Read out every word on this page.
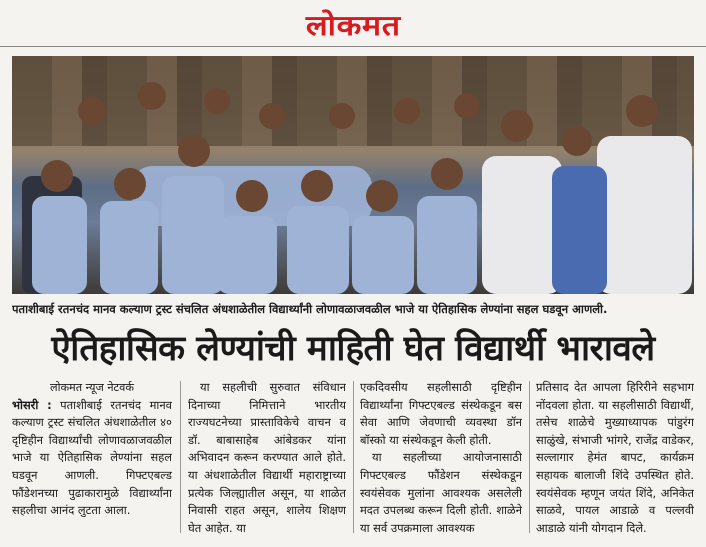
लोकमत
पताशीबाई रतनचंद मानव कल्याण ट्रस्ट संचलित अंधशाळेतील विद्यार्थ्यांनी लोणावळाजवळील भाजे या ऐतिहासिक लेण्यांना सहल घडवून आणली.
ऐतिहासिक लेण्यांची माहिती घेत विद्यार्थी भारावले

लोकमत न्यूज नेटवर्क

भोसरी : पताशीबाई रतनचंद मानव कल्याण ट्रस्ट संचलित अंधशाळेतील ४० दृष्टिहीन विद्यार्थ्यांची लोणावळाजवळील भाजे या ऐतिहासिक लेण्यांना सहल घडवून आणली. गिफ्टएबल्ड फौंडेशनच्या पुढाकारामुळे विद्यार्थ्यांना सहलीचा आनंद लुटता आला.

या सहलीची सुरुवात संविधान दिनाच्या निमित्ताने भारतीय राज्यघटनेच्या प्रास्ताविकेचे वाचन व डॉ. बाबासाहेब आंबेडकर यांना अभिवादन करून करण्यात आले होते. या अंधशाळेतील विद्यार्थी महाराष्ट्राच्या प्रत्येक जिल्ह्यातील असून, या शाळेत निवासी राहत असून, शालेय शिक्षण घेत आहेत. या

एकदिवसीय सहलीसाठी दृष्टिहीन विद्यार्थ्यांना गिफ्टएबल्ड संस्थेकडून बस सेवा आणि जेवणाची व्यवस्था डॉन बॉस्को या संस्थेकडून केली होती.

या सहलीच्या आयोजनासाठी गिफ्टएबल्ड फौंडेशन संस्थेकडून स्वयंसेवक मुलांना आवश्यक असलेली मदत उपलब्ध करून दिली होती. शाळेने या सर्व उपक्रमाला आवश्यक

प्रतिसाद देत आपला हिरिरीने सहभाग नोंदवला होता. या सहलीसाठी विद्यार्थी, तसेच शाळेचे मुख्याध्यापक पांडुरंग साळुंखे, संभाजी भांगरे, राजेंद्र वाडेकर, सल्लागार हेमंत बापट, कार्यक्रम सहायक बालाजी शिंदे उपस्थित होते. स्वयंसेवक म्हणून जयंत शिंदे, अनिकेत साळवे, पायल आडाळे व पल्लवी आडाळे यांनी योगदान दिले.
